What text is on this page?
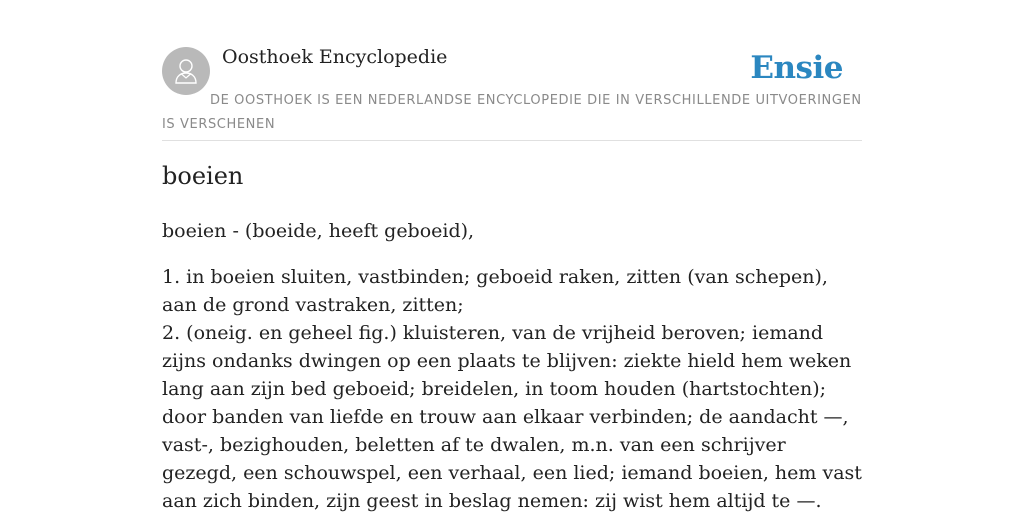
Oosthoek Encyclopedie	Ensie
DE OOSTHOEK IS EEN NEDERLANDSE ENCYCLOPEDIE DIE IN VERSCHILLENDE UITVOERINGEN IS VERSCHENEN
boeien
boeien - (boeide, heeft geboeid),

1. in boeien sluiten, vastbinden; geboeid raken, zitten (van schepen), aan de grond vastraken, zitten;

2. (oneig. en geheel fig.) kluisteren, van de vrijheid beroven; iemand zijns ondanks dwingen op een plaats te blijven: ziekte hield hem weken lang aan zijn bed geboeid; breidelen, in toom houden (hartstochten); door banden van liefde en trouw aan elkaar verbinden; de aandacht —, vast-, bezighouden, beletten af te dwalen, m.n. van een schrijver gezegd, een schouwspel, een verhaal, een lied; iemand boeien, hem vast aan zich binden, zijn geest in beslag nemen: zij wist hem altijd te —.
